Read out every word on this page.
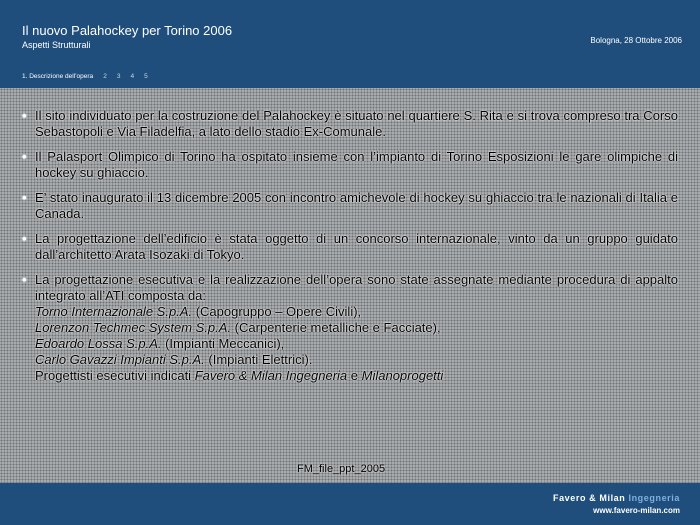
Il nuovo Palahockey per Torino 2006
Aspetti Strutturali	Bologna, 28 Ottobre 2006
1. Descrizione dell’opera 2 3 4 5
• Il sito individuato per la costruzione del Palahockey è situato nel quartiere S. Rita e si trova compreso tra Corso Sebastopoli e Via Filadelfia, a lato dello stadio Ex-Comunale.
• Il Palasport Olimpico di Torino ha ospitato insieme con l’impianto di Torino Esposizioni le gare olimpiche di hockey su ghiaccio.
• E’ stato inaugurato il 13 dicembre 2005 con incontro amichevole di hockey su ghiaccio tra le nazionali di Italia e Canada.
• La progettazione dell’edificio è stata oggetto di un concorso internazionale, vinto da un gruppo guidato dall’architetto Arata Isozaki di Tokyo.
• La progettazione esecutiva e la realizzazione dell’opera sono state assegnate mediante procedura di appalto integrato all’ATI composta da:
Torno Internazionale S.p.A. (Capogruppo – Opere Civili),
Lorenzon Techmec System S.p.A. (Carpenterie metalliche e Facciate),
Edoardo Lossa S.p.A. (Impianti Meccanici),
Carlo Gavazzi Impianti S.p.A. (Impianti Elettrici).
Progettisti esecutivi indicati Favero & Milan Ingegneria e Milanoprogetti
FM_file_ppt_2005
Favero & Milan Ingegneria
www.favero-milan.com
